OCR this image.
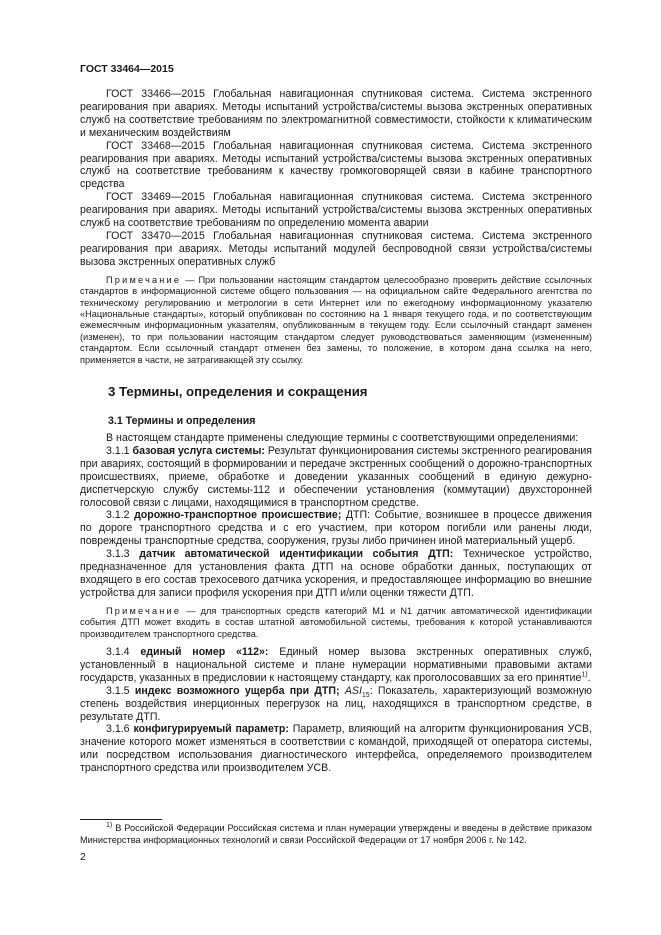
ГОСТ 33464—2015

ГОСТ 33466—2015 Глобальная навигационная спутниковая система. Система экстренного реагирования при авариях. Методы испытаний устройства/системы вызова экстренных оперативных служб на соответствие требованиям по электромагнитной совместимости, стойкости к климатическим и механическим воздействиям

ГОСТ 33468—2015 Глобальная навигационная спутниковая система. Система экстренного реагирования при авариях. Методы испытаний устройства/системы вызова экстренных оперативных служб на соответствие требованиям к качеству громкоговорящей связи в кабине транспортного средства

ГОСТ 33469—2015 Глобальная навигационная спутниковая система. Система экстренного реагирования при авариях. Методы испытаний устройства/системы вызова экстренных оперативных служб на соответствие требованиям по определению момента аварии

ГОСТ 33470—2015 Глобальная навигационная спутниковая система. Система экстренного реагирования при авариях. Методы испытаний модулей беспроводной связи устройства/системы вызова экстренных оперативных служб

Примечание — При пользовании настоящим стандартом целесообразно проверить действие ссылочных стандартов в информационной системе общего пользования — на официальном сайте Федерального агентства по техническому регулированию и метрологии в сети Интернет или по ежегодному информационному указателю «Национальные стандарты», который опубликован по состоянию на 1 января текущего года, и по соответствующим ежемесячным информационным указателям, опубликованным в текущем году. Если ссылочный стандарт заменен (изменен), то при пользовании настоящим стандартом следует руководствоваться заменяющим (измененным) стандартом. Если ссылочный стандарт отменен без замены, то положение, в котором дана ссылка на него, применяется в части, не затрагивающей эту ссылку.

3 Термины, определения и сокращения
3.1 Термины и определения

В настоящем стандарте применены следующие термины с соответствующими определениями:

3.1.1 базовая услуга системы: Результат функционирования системы экстренного реагирования при авариях, состоящий в формировании и передаче экстренных сообщений о дорожно-транспортных происшествиях, приеме, обработке и доведении указанных сообщений в единую дежурно-диспетчерскую службу системы-112 и обеспечении установления (коммутации) двухсторонней голосовой связи с лицами, находящимися в транспортном средстве.

3.1.2 дорожно-транспортное происшествие; ДТП: Событие, возникшее в процессе движения по дороге транспортного средства и с его участием, при котором погибли или ранены люди, повреждены транспортные средства, сооружения, грузы либо причинен иной материальный ущерб.

3.1.3 датчик автоматической идентификации события ДТП: Техническое устройство, предназначенное для установления факта ДТП на основе обработки данных, поступающих от входящего в его состав трехосевого датчика ускорения, и предоставляющее информацию во внешние устройства для записи профиля ускорения при ДТП и/или оценки тяжести ДТП.

Примечание — для транспортных средств категорий М1 и N1 датчик автоматической идентификации события ДТП может входить в состав штатной автомобильной системы, требования к которой устанавливаются производителем транспортного средства.

3.1.4 единый номер «112»: Единый номер вызова экстренных оперативных служб, установленный в национальной системе и плане нумерации нормативными правовыми актами государств, указанных в предисловии к настоящему стандарту, как проголосовавших за его принятие$^{1)}$.

3.1.5 индекс возможного ущерба при ДТП; $ASI_{15}$: Показатель, характеризующий возможную степень воздействия инерционных перегрузок на лиц, находящихся в транспортном средстве, в результате ДТП.

3.1.6 конфигурируемый параметр: Параметр, влияющий на алгоритм функционирования УСВ, значение которого может изменяться в соответствии с командой, приходящей от оператора системы, или посредством использования диагностического интерфейса, определяемого производителем транспортного средства или производителем УСВ.

$^{1)}$ В Российской Федерации Российская система и план нумерации утверждены и введены в действие приказом Министерства информационных технологий и связи Российской Федерации от 17 ноября 2006 г. № 142.
2
